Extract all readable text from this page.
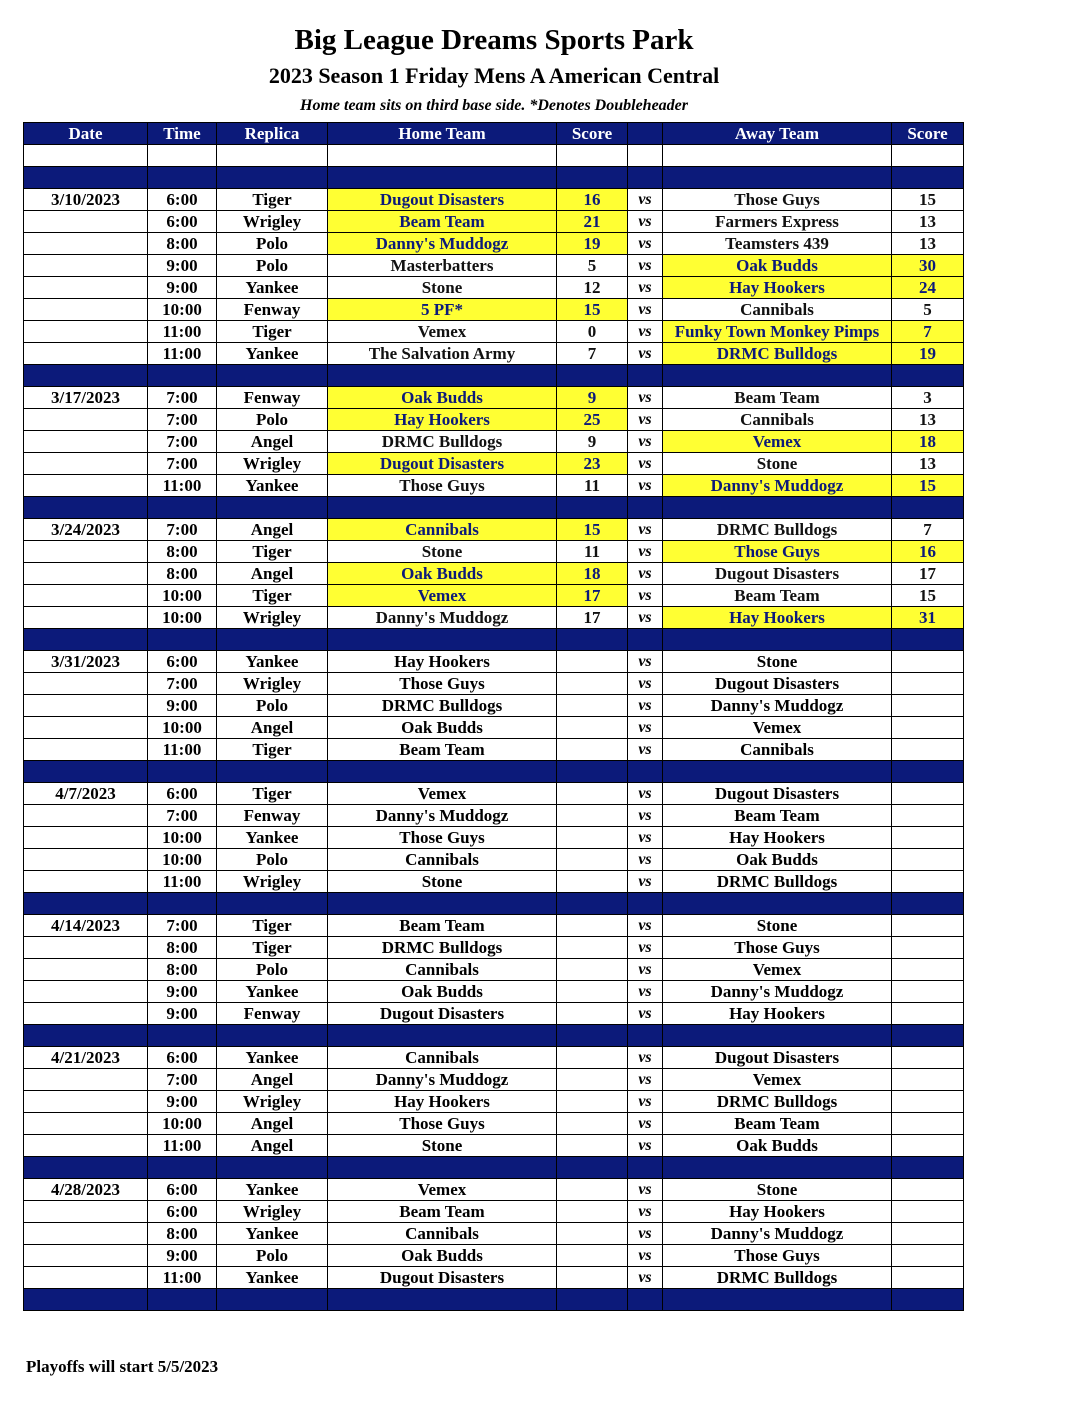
Big League Dreams Sports Park
2023 Season 1 Friday Mens A American Central
Home team sits on third base side. *Denotes Doubleheader
Date	Time	Replica	Home Team	Score		Away Team	Score

3/10/2023	6:00	Tiger	Dugout Disasters	16	vs	Those Guys	15
	6:00	Wrigley	Beam Team	21	vs	Farmers Express	13
	8:00	Polo	Danny's Muddogz	19	vs	Teamsters 439	13
	9:00	Polo	Masterbatters	5	vs	Oak Budds	30
	9:00	Yankee	Stone	12	vs	Hay Hookers	24
	10:00	Fenway	5 PF*	15	vs	Cannibals	5
	11:00	Tiger	Vemex	0	vs	Funky Town Monkey Pimps	7
	11:00	Yankee	The Salvation Army	7	vs	DRMC Bulldogs	19

3/17/2023	7:00	Fenway	Oak Budds	9	vs	Beam Team	3
	7:00	Polo	Hay Hookers	25	vs	Cannibals	13
	7:00	Angel	DRMC Bulldogs	9	vs	Vemex	18
	7:00	Wrigley	Dugout Disasters	23	vs	Stone	13
	11:00	Yankee	Those Guys	11	vs	Danny's Muddogz	15

3/24/2023	7:00	Angel	Cannibals	15	vs	DRMC Bulldogs	7
	8:00	Tiger	Stone	11	vs	Those Guys	16
	8:00	Angel	Oak Budds	18	vs	Dugout Disasters	17
	10:00	Tiger	Vemex	17	vs	Beam Team	15
	10:00	Wrigley	Danny's Muddogz	17	vs	Hay Hookers	31

3/31/2023	6:00	Yankee	Hay Hookers		vs	Stone	
	7:00	Wrigley	Those Guys		vs	Dugout Disasters	
	9:00	Polo	DRMC Bulldogs		vs	Danny's Muddogz	
	10:00	Angel	Oak Budds		vs	Vemex	
	11:00	Tiger	Beam Team		vs	Cannibals	

4/7/2023	6:00	Tiger	Vemex		vs	Dugout Disasters	
	7:00	Fenway	Danny's Muddogz		vs	Beam Team	
	10:00	Yankee	Those Guys		vs	Hay Hookers	
	10:00	Polo	Cannibals		vs	Oak Budds	
	11:00	Wrigley	Stone		vs	DRMC Bulldogs	

4/14/2023	7:00	Tiger	Beam Team		vs	Stone	
	8:00	Tiger	DRMC Bulldogs		vs	Those Guys	
	8:00	Polo	Cannibals		vs	Vemex	
	9:00	Yankee	Oak Budds		vs	Danny's Muddogz	
	9:00	Fenway	Dugout Disasters		vs	Hay Hookers	

4/21/2023	6:00	Yankee	Cannibals		vs	Dugout Disasters	
	7:00	Angel	Danny's Muddogz		vs	Vemex	
	9:00	Wrigley	Hay Hookers		vs	DRMC Bulldogs	
	10:00	Angel	Those Guys		vs	Beam Team	
	11:00	Angel	Stone		vs	Oak Budds	

4/28/2023	6:00	Yankee	Vemex		vs	Stone	
	6:00	Wrigley	Beam Team		vs	Hay Hookers	
	8:00	Yankee	Cannibals		vs	Danny's Muddogz	
	9:00	Polo	Oak Budds		vs	Those Guys	
	11:00	Yankee	Dugout Disasters		vs	DRMC Bulldogs	

Playoffs will start 5/5/2023
